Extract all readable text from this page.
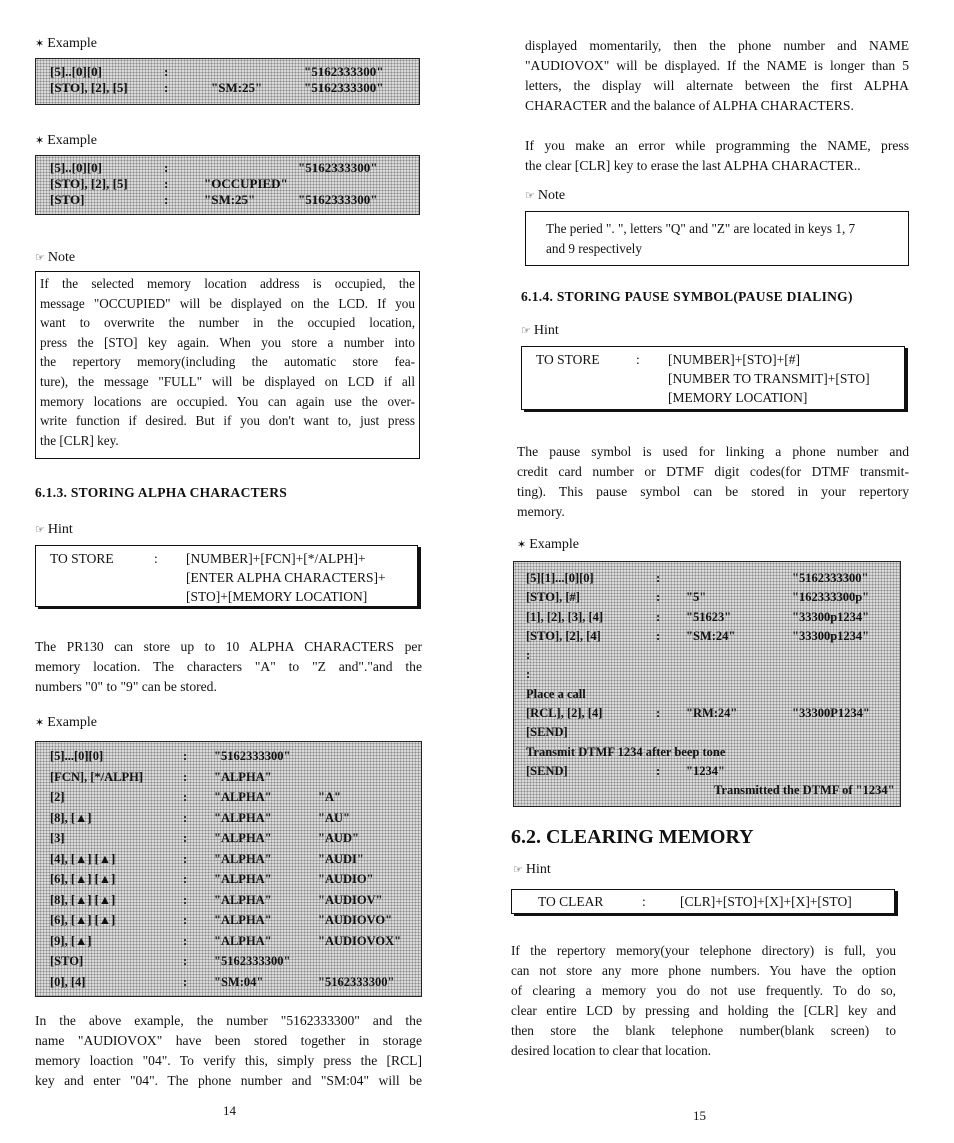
✶ Example
[5]..[0][0]	:	"5162333300"
[STO], [2], [5]	:	"SM:25"	"5162333300"
✶ Example
[5]..[0][0]	:	"5162333300"
[STO], [2], [5]	:	"OCCUPIED"
[STO]	:	"SM:25"	"5162333300"
☞ Note
If the selected memory location address is occupied, the
message "OCCUPIED" will be displayed on the LCD. If you
want to overwrite the number in the occupied location,
press the [STO] key again. When you store a number into
the repertory memory(including the automatic store fea-
ture), the message "FULL" will be displayed on LCD if all
memory locations are occupied. You can again use the over-
write function if desired. But if you don't want to, just press
the [CLR] key.
6.1.3. STORING ALPHA CHARACTERS
☞ Hint
TO STORE	: [NUMBER]+[FCN]+[*/ALPH]+
[ENTER ALPHA CHARACTERS]+
[STO]+[MEMORY LOCATION]
The PR130 can store up to 10 ALPHA CHARACTERS per
memory location. The characters "A" to "Z and"."and the
numbers "0" to "9" can be stored.
✶ Example
[5]...[0][0]	: "5162333300"
[FCN], [*/ALPH]	: "ALPHA"
[2]	: "ALPHA"	"A"
[8], [▲]	: "ALPHA"	"AU"
[3]	: "ALPHA"	"AUD"
[4], [▲] [▲]	: "ALPHA"	"AUDI"
[6], [▲] [▲]	: "ALPHA"	"AUDIO"
[8], [▲] [▲]	: "ALPHA"	"AUDIOV"
[6], [▲] [▲]	: "ALPHA"	"AUDIOVO"
[9], [▲]	: "ALPHA"	"AUDIOVOX"
[STO]	: "5162333300"
[0], [4]	: "SM:04"	"5162333300"
In the above example, the number "5162333300" and the
name "AUDIOVOX" have been stored together in storage
memory loaction "04". To verify this, simply press the [RCL]
key and enter "04". The phone number and "SM:04" will be
14
displayed momentarily, then the phone number and NAME
"AUDIOVOX" will be displayed. If the NAME is longer than 5
letters, the display will alternate between the first ALPHA
CHARACTER and the balance of ALPHA CHARACTERS.
If you make an error while programming the NAME, press
the clear [CLR] key to erase the last ALPHA CHARACTER..
☞ Note
The peried ". ", letters "Q" and "Z" are located in keys 1, 7
and 9 respectively
6.1.4. STORING PAUSE SYMBOL(PAUSE DIALING)
☞ Hint
TO STORE	: [NUMBER]+[STO]+[#]
[NUMBER TO TRANSMIT]+[STO]
[MEMORY LOCATION]
The pause symbol is used for linking a phone number and
credit card number or DTMF digit codes(for DTMF transmit-
ting). This pause symbol can be stored in your repertory
memory.
✶ Example
[5][1]...[0][0]	:	"5162333300"
[STO], [#]	: "5"	"162333300p"
[1], [2], [3], [4]	: "51623"	"33300p1234"
[STO], [2], [4]	: "SM:24"	"33300p1234"
:
:
Place a call
[RCL], [2], [4]	: "RM:24"	"33300P1234"
[SEND]
Transmit DTMF 1234 after beep tone
[SEND]	: "1234"
Transmitted the DTMF of "1234"
6.2. CLEARING MEMORY
☞ Hint
TO CLEAR	:	[CLR]+[STO]+[X]+[X]+[STO]
If the repertory memory(your telephone directory) is full, you
can not store any more phone numbers. You have the option
of clearing a memory you do not use frequently. To do so,
clear entire LCD by pressing and holding the [CLR] key and
then store the blank telephone number(blank screen) to
desired location to clear that location.
15
